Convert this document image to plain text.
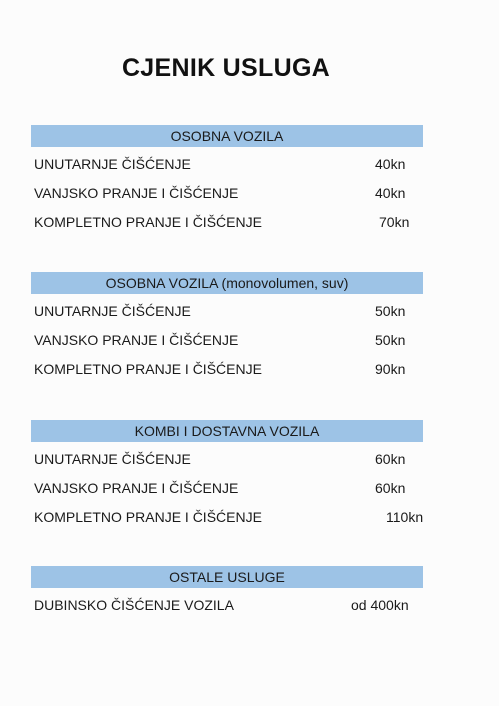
CJENIK USLUGA
OSOBNA VOZILA
UNUTARNJE ČIŠĆENJE	40kn
VANJSKO PRANJE I ČIŠĆENJE	40kn
KOMPLETNO PRANJE I ČIŠĆENJE	70kn
OSOBNA VOZILA (monovolumen, suv)
UNUTARNJE ČIŠĆENJE	50kn
VANJSKO PRANJE I ČIŠĆENJE	50kn
KOMPLETNO PRANJE I ČIŠĆENJE	90kn
KOMBI I DOSTAVNA VOZILA
UNUTARNJE ČIŠĆENJE	60kn
VANJSKO PRANJE I ČIŠĆENJE	60kn
KOMPLETNO PRANJE I ČIŠĆENJE	110kn
OSTALE USLUGE
DUBINSKO ČIŠĆENJE VOZILA	od 400kn
